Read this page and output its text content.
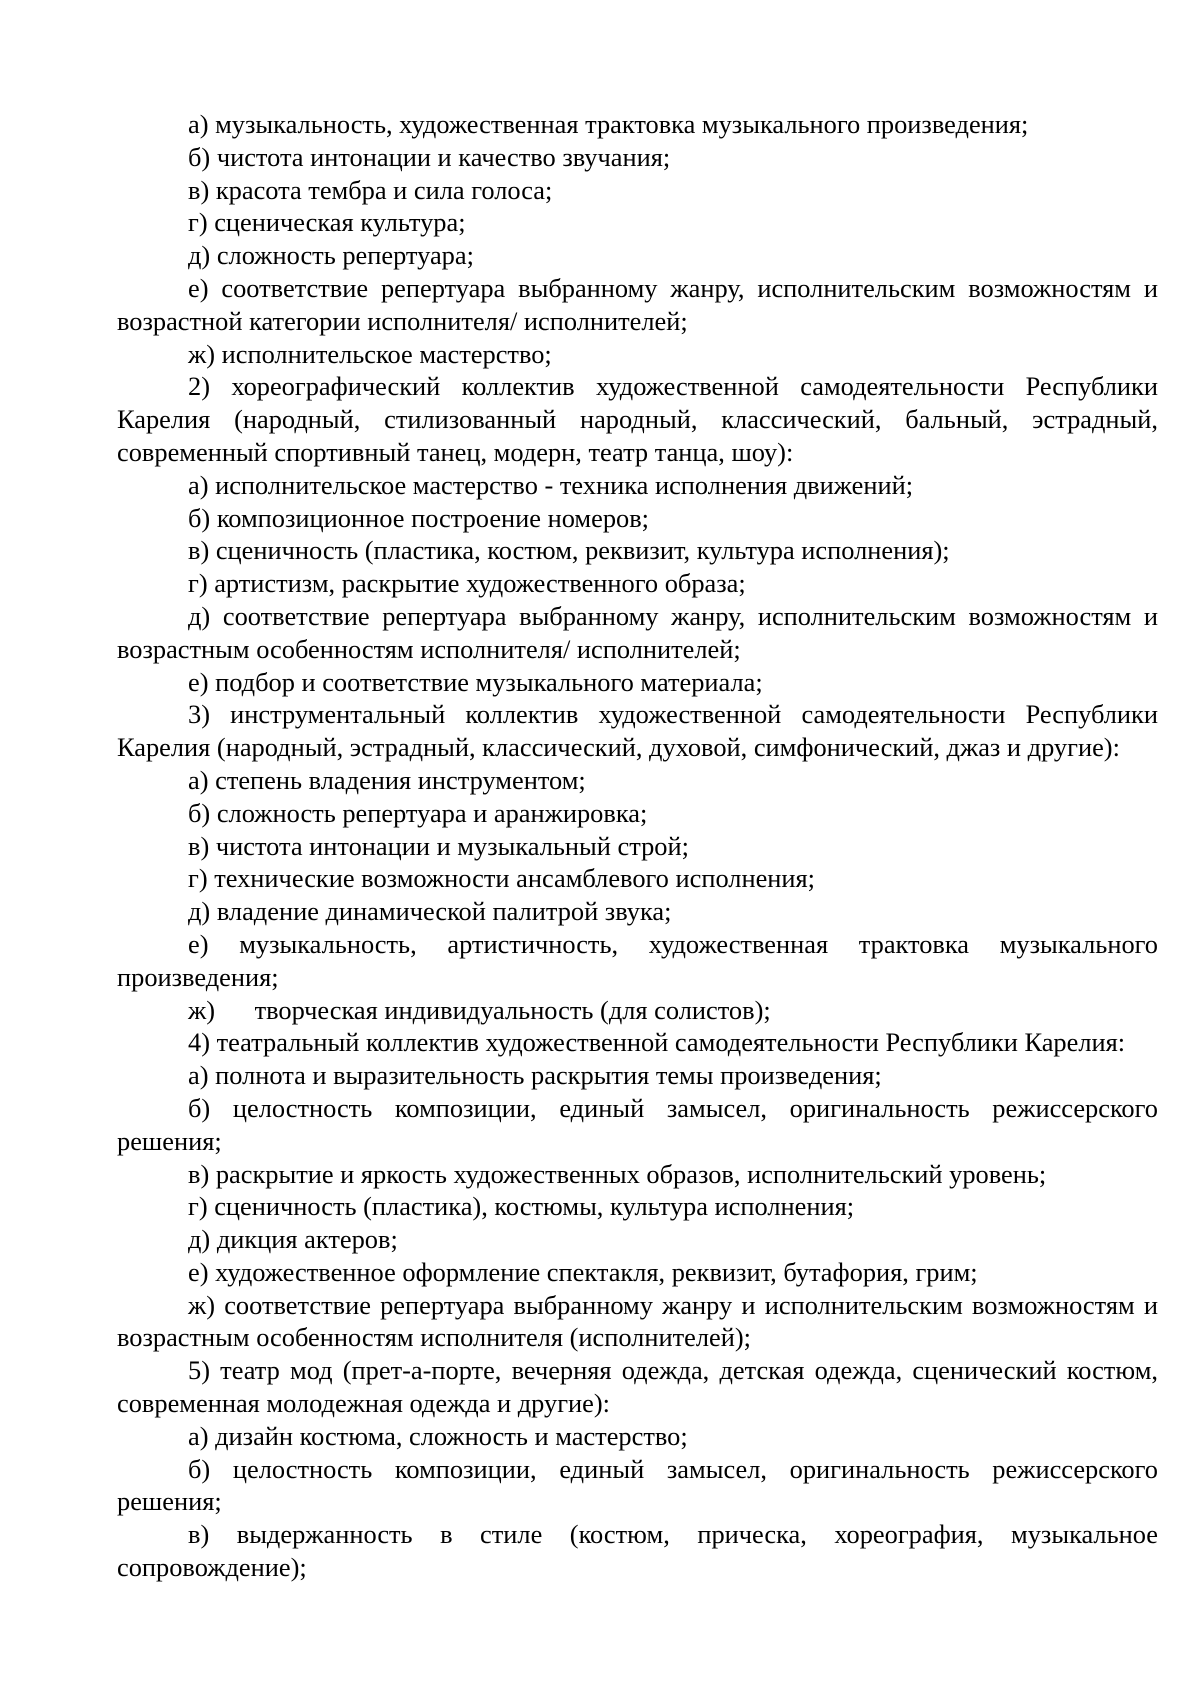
а) музыкальность, художественная трактовка музыкального произведения;

б) чистота интонации и качество звучания;

в) красота тембра и сила голоса;

г) сценическая культура;

д) сложность репертуара;

е) соответствие репертуара выбранному жанру, исполнительским возможностям и возрастной категории исполнителя/ исполнителей;

ж) исполнительское мастерство;

2) хореографический коллектив художественной самодеятельности Республики Карелия (народный, стилизованный народный, классический, бальный, эстрадный, современный спортивный танец, модерн, театр танца, шоу):

а) исполнительское мастерство - техника исполнения движений;

б) композиционное построение номеров;

в) сценичность (пластика, костюм, реквизит, культура исполнения);

г) артистизм, раскрытие художественного образа;

д) соответствие репертуара выбранному жанру, исполнительским возможностям и возрастным особенностям исполнителя/ исполнителей;

е) подбор и соответствие музыкального материала;

3) инструментальный коллектив художественной самодеятельности Республики Карелия (народный, эстрадный, классический, духовой, симфонический, джаз и другие):

а) степень владения инструментом;

б) сложность репертуара и аранжировка;

в) чистота интонации и музыкальный строй;

г) технические возможности ансамблевого исполнения;

д) владение динамической палитрой звука;

е) музыкальность, артистичность, художественная трактовка музыкального произведения;

ж)      творческая индивидуальность (для солистов);

4) театральный коллектив художественной самодеятельности Республики Карелия:

а) полнота и выразительность раскрытия темы произведения;

б) целостность композиции, единый замысел, оригинальность режиссерского решения;

в) раскрытие и яркость художественных образов, исполнительский уровень;

г) сценичность (пластика), костюмы, культура исполнения;

д) дикция актеров;

е) художественное оформление спектакля, реквизит, бутафория, грим;

ж) соответствие репертуара выбранному жанру и исполнительским возможностям и возрастным особенностям исполнителя (исполнителей);

5) театр мод (прет-а-порте, вечерняя одежда, детская одежда, сценический костюм, современная молодежная одежда и другие):

а) дизайн костюма, сложность и мастерство;

б) целостность композиции, единый замысел, оригинальность режиссерского решения;

в) выдержанность в стиле (костюм, прическа, хореография, музыкальное сопровождение);
